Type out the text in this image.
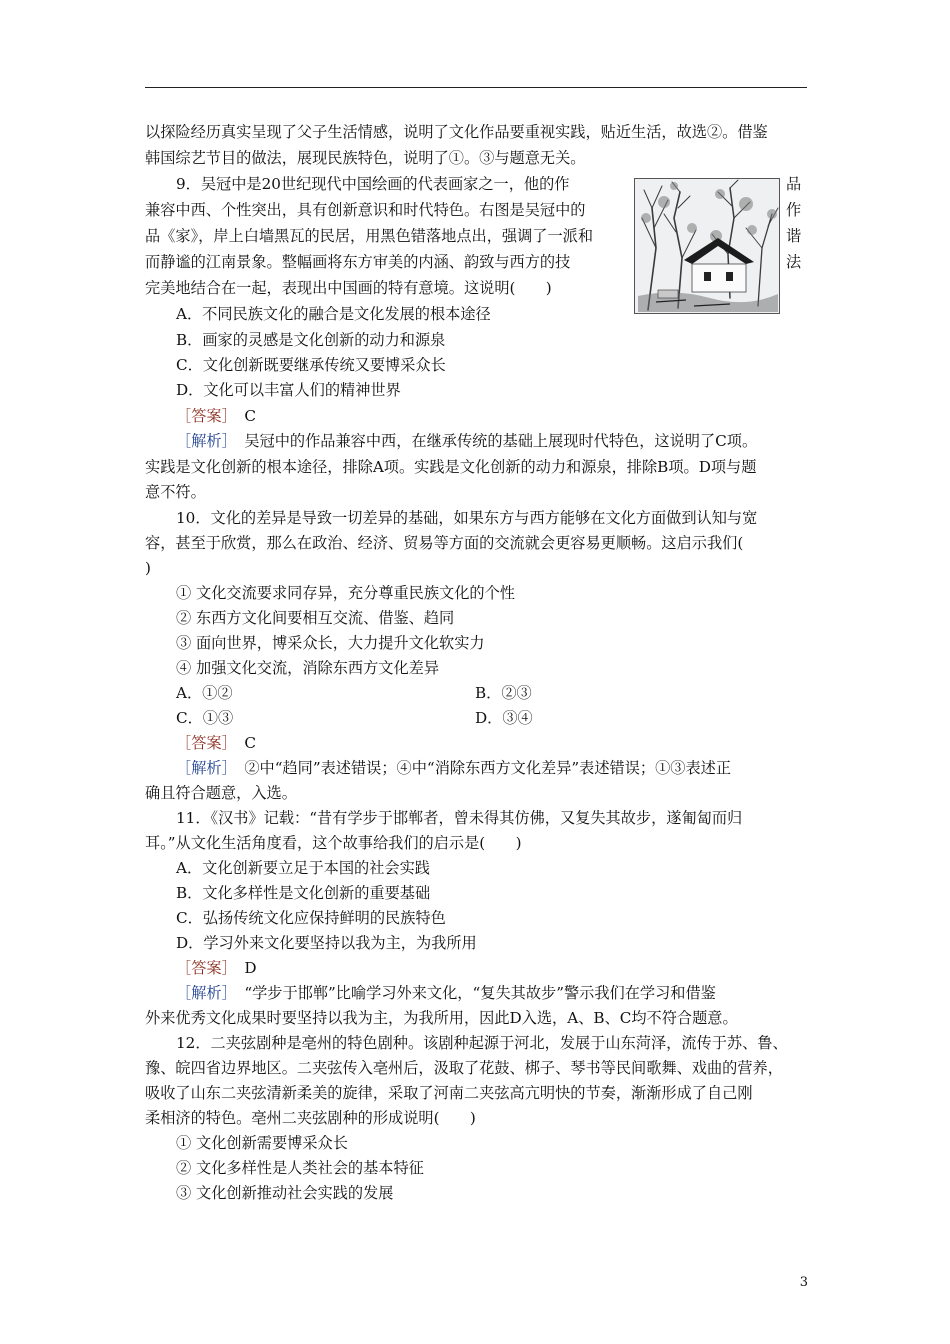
以探险经历真实呈现了父子生活情感，说明了文化作品要重视实践，贴近生活，故选②。借鉴
韩国综艺节目的做法，展现民族特色，说明了①。③与题意无关。
9．吴冠中是20世纪现代中国绘画的代表画家之一，他的作
兼容中西、个性突出，具有创新意识和时代特色。右图是吴冠中的
品《家》，岸上白墙黑瓦的民居，用黑色错落地点出，强调了一派和
而静谧的江南景象。整幅画将东方审美的内涵、韵致与西方的技
完美地结合在一起，表现出中国画的特有意境。这说明(　　)
A．不同民族文化的融合是文化发展的根本途径
B．画家的灵感是文化创新的动力和源泉
C．文化创新既要继承传统又要博采众长
D．文化可以丰富人们的精神世界
［答案］　C
［解析］　吴冠中的作品兼容中西，在继承传统的基础上展现时代特色，这说明了C项。
实践是文化创新的根本途径，排除A项。实践是文化创新的动力和源泉，排除B项。D项与题
意不符。
10．文化的差异是导致一切差异的基础，如果东方与西方能够在文化方面做到认知与宽
容，甚至于欣赏，那么在政治、经济、贸易等方面的交流就会更容易更顺畅。这启示我们(
)
① 文化交流要求同存异，充分尊重民族文化的个性
② 东西方文化间要相互交流、借鉴、趋同
③ 面向世界，博采众长，大力提升文化软实力
④ 加强文化交流，消除东西方文化差异
A．①②	B．②③
C．①③	D．③④
［答案］　C
［解析］　②中“趋同”表述错误；④中“消除东西方文化差异”表述错误；①③表述正
确且符合题意，入选。
11．《汉书》记载：“昔有学步于邯郸者，曾未得其仿佛，又复失其故步，遂匍匐而归
耳。”从文化生活角度看，这个故事给我们的启示是(　　)
A．文化创新要立足于本国的社会实践
B．文化多样性是文化创新的重要基础
C．弘扬传统文化应保持鲜明的民族特色
D．学习外来文化要坚持以我为主，为我所用
［答案］　D
［解析］　“学步于邯郸”比喻学习外来文化，“复失其故步”警示我们在学习和借鉴
外来优秀文化成果时要坚持以我为主，为我所用，因此D入选，A、B、C均不符合题意。
12．二夹弦剧种是亳州的特色剧种。该剧种起源于河北，发展于山东菏泽，流传于苏、鲁、
豫、皖四省边界地区。二夹弦传入亳州后，汲取了花鼓、梆子、琴书等民间歌舞、戏曲的营养，
吸收了山东二夹弦清新柔美的旋律，采取了河南二夹弦高亢明快的节奏，渐渐形成了自己刚
柔相济的特色。亳州二夹弦剧种的形成说明(　　)
① 文化创新需要博采众长
② 文化多样性是人类社会的基本特征
③ 文化创新推动社会实践的发展
品
作
谐
法
3
